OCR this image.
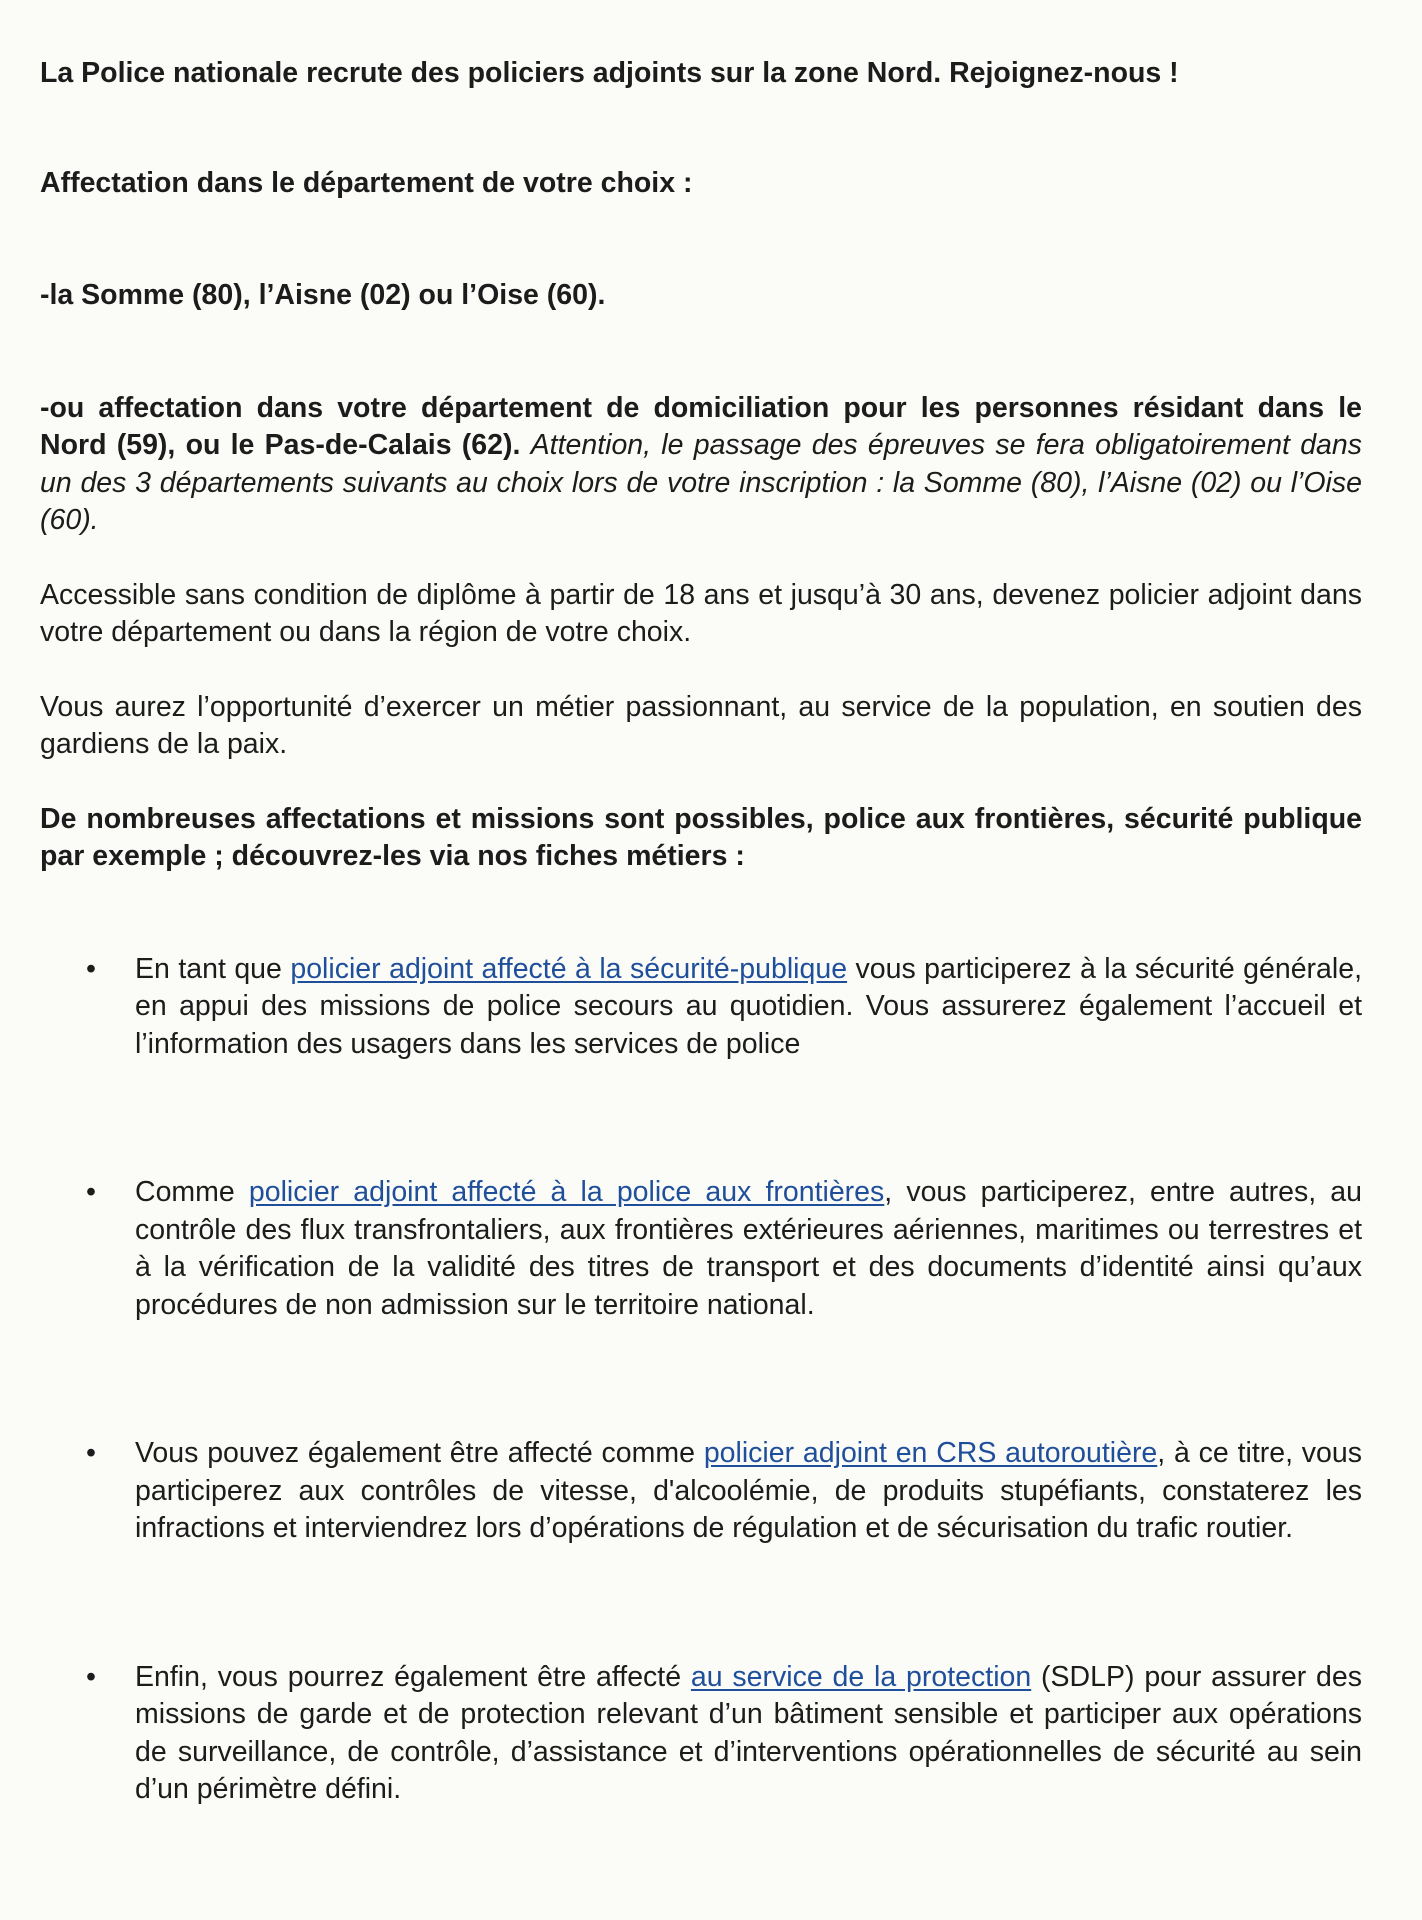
La Police nationale recrute des policiers adjoints sur la zone Nord. Rejoignez-nous !

Affectation dans le département de votre choix :

-la Somme (80), l’Aisne (02) ou l’Oise (60).

-ou affectation dans votre département de domiciliation pour les personnes résidant dans le Nord (59), ou le Pas-de-Calais (62). Attention, le passage des épreuves se fera obligatoirement dans un des 3 départements suivants au choix lors de votre inscription : la Somme (80), l’Aisne (02) ou l’Oise (60).

Accessible sans condition de diplôme à partir de 18 ans et jusqu’à 30 ans, devenez policier adjoint dans votre département ou dans la région de votre choix.

Vous aurez l’opportunité d’exercer un métier passionnant, au service de la population, en soutien des gardiens de la paix.

De nombreuses affectations et missions sont possibles, police aux frontières, sécurité publique par exemple ; découvrez-les via nos fiches métiers :

• En tant que policier adjoint affecté à la sécurité-publique vous participerez à la sécurité générale, en appui des missions de police secours au quotidien. Vous assurerez également l’accueil et l’information des usagers dans les services de police
• Comme policier adjoint affecté à la police aux frontières, vous participerez, entre autres, au contrôle des flux transfrontaliers, aux frontières extérieures aériennes, maritimes ou terrestres et à la vérification de la validité des titres de transport et des documents d’identité ainsi qu’aux procédures de non admission sur le territoire national.
• Vous pouvez également être affecté comme policier adjoint en CRS autoroutière, à ce titre, vous participerez aux contrôles de vitesse, d'alcoolémie, de produits stupéfiants, constaterez les infractions et interviendrez lors d’opérations de régulation et de sécurisation du trafic routier.
• Enfin, vous pourrez également être affecté au service de la protection (SDLP) pour assurer des missions de garde et de protection relevant d’un bâtiment sensible et participer aux opérations de surveillance, de contrôle, d’assistance et d’interventions opérationnelles de sécurité au sein d’un périmètre défini.
